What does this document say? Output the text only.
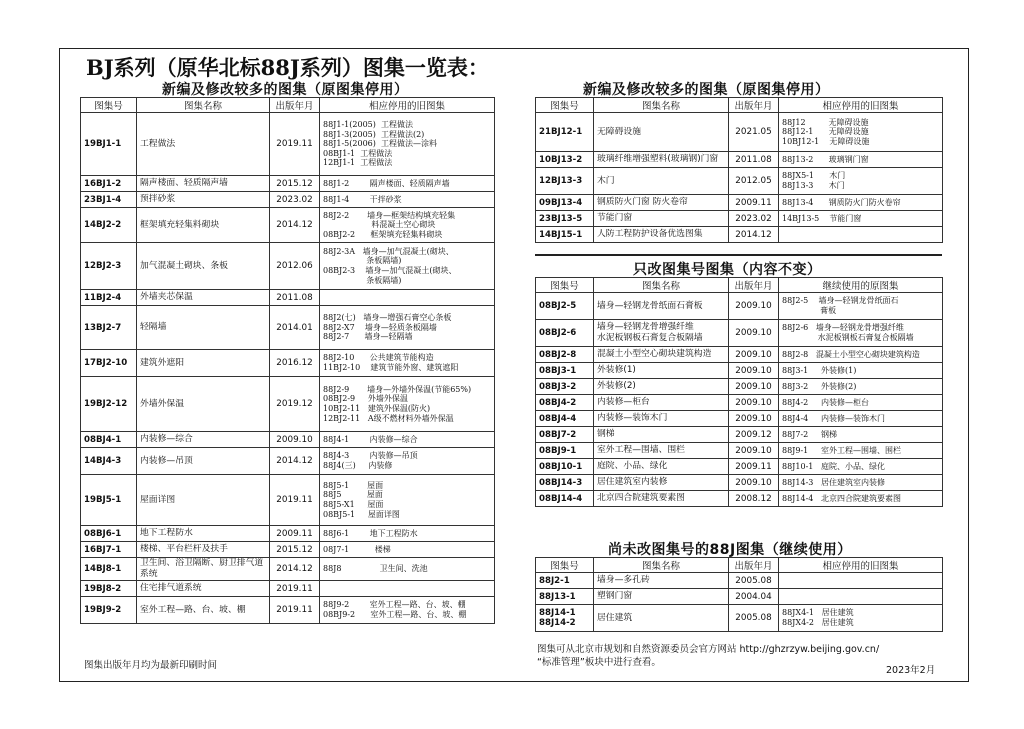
BJ系列（原华北标88J系列）图集一览表：
新编及修改较多的图集（原图集停用）
图集号	图集名称	出版年月	相应停用的旧图集
19BJ1-1	工程做法	2019.11	88J1-1(2005)  工程做法
88J1-3(2005)  工程做法(2)
88J1-5(2006)  工程做法—涂料
08BJ1-1  工程做法
12BJ1-1  工程做法
16BJ1-2	隔声楼面、轻质隔声墙	2015.12	88J1-2        隔声楼面、轻质隔声墙
23BJ1-4	预拌砂浆	2023.02	88J1-4        干拌砂浆
14BJ2-2	框架填充轻集料砌块	2014.12	88J2-2       墙身—框架结构填充轻集
料混凝土空心砌块
08BJ2-2      框架填充轻集料砌块
12BJ2-3	加气混凝土砌块、条板	2012.06	88J2-3A   墙身—加气混凝土(砌块、
条板隔墙)
08BJ2-3    墙身—加气混凝土(砌块、
条板隔墙)
11BJ2-4	外墙夹芯保温	2011.08	
13BJ2-7	轻隔墙	2014.01	88J2(七)   墙身—增强石膏空心条板
88J2-X7    墙身—轻质条板隔墙
88J2-7      墙身—轻隔墙
17BJ2-10	建筑外遮阳	2016.12	88J2-10      公共建筑节能构造
11BJ2-10    建筑节能外窗、建筑遮阳
19BJ2-12	外墙外保温	2019.12	88J2-9       墙身—外墙外保温(节能65%)
08BJ2-9     外墙外保温
10BJ2-11   建筑外保温(防火)
12BJ2-11   A级不燃材料外墙外保温
08BJ4-1	内装修—综合	2009.10	88J4-1        内装修—综合
14BJ4-3	内装修—吊顶	2014.12	88J4-3        内装修—吊顶
88J4(三)     内装修
19BJ5-1	屋面详图	2019.11	88J5-1       屋面
88J5          屋面
88J5-X1     屋面
08BJ5-1     屋面详图
08BJ6-1	地下工程防水	2009.11	88J6-1        地下工程防水
16BJ7-1	楼梯、平台栏杆及扶手	2015.12	08J7-1          楼梯
14BJ8-1	卫生间、浴卫隔断、厨卫排气道系统	2014.12	88J8               卫生间、洗池
19BJ8-2	住宅排气道系统	2019.11	
19BJ9-2	室外工程—路、台、坡、棚	2019.11	88J9-2        室外工程—路、台、坡、棚
08BJ9-2      室外工程—路、台、坡、棚
图集出版年月均为最新印刷时间
新编及修改较多的图集（原图集停用）
图集号	图集名称	出版年月	相应停用的旧图集
21BJ12-1	无障碍设施	2021.05	88J12         无障碍设施
88J12-1      无障碍设施
10BJ12-1    无障碍设施
10BJ13-2	玻璃纤维增强塑料(玻璃钢)门窗	2011.08	88J13-2      玻璃钢门窗
12BJ13-3	木门	2012.05	88JX5-1      木门
88J13-3      木门
09BJ13-4	钢质防火门窗 防火卷帘	2009.11	88J13-4      钢质防火门防火卷帘
23BJ13-5	节能门窗	2023.02	14BJ13-5    节能门窗
14BJ15-1	人防工程防护设备优选图集	2014.12	
只改图集号图集（内容不变）
图集号	图集名称	出版年月	继续使用的原图集
08BJ2-5	墙身—轻钢龙骨纸面石膏板	2009.10	88J2-5    墙身—轻钢龙骨纸面石
膏板
08BJ2-6	墙身—轻钢龙骨增强纤维
水泥板钢板石膏复合板隔墙	2009.10	88J2-6   墙身—轻钢龙骨增强纤维
水泥板钢板石膏复合板隔墙
08BJ2-8	混凝土小型空心砌块建筑构造	2009.10	88J2-8   混凝土小型空心砌块建筑构造
08BJ3-1	外装修(1)	2009.10	88J3-1     外装修(1)
08BJ3-2	外装修(2)	2009.10	88J3-2     外装修(2)
08BJ4-2	内装修—柜台	2009.10	88J4-2     内装修—柜台
08BJ4-4	内装修—装饰木门	2009.10	88J4-4     内装修—装饰木门
08BJ7-2	钢梯	2009.12	88J7-2     钢梯
08BJ9-1	室外工程—围墙、围栏	2009.10	88J9-1     室外工程—围墙、围栏
08BJ10-1	庭院、小品、绿化	2009.11	88J10-1   庭院、小品、绿化
08BJ14-3	居住建筑室内装修	2009.10	88J14-3   居住建筑室内装修
08BJ14-4	北京四合院建筑要素图	2008.12	88J14-4   北京四合院建筑要素图
尚未改图集号的88J图集（继续使用）
图集号	图集名称	出版年月	相应停用的旧图集
88J2-1	墙身—多孔砖	2005.08	
88J13-1	塑钢门窗	2004.04	
88J14-1
88J14-2	居住建筑	2005.08	88JX4-1   居住建筑
88JX4-2   居住建筑
图集可从北京市规划和自然资源委员会官方网站 http://ghzrzyw.beijing.gov.cn/
“标准管理”板块中进行查看。
2023年2月
